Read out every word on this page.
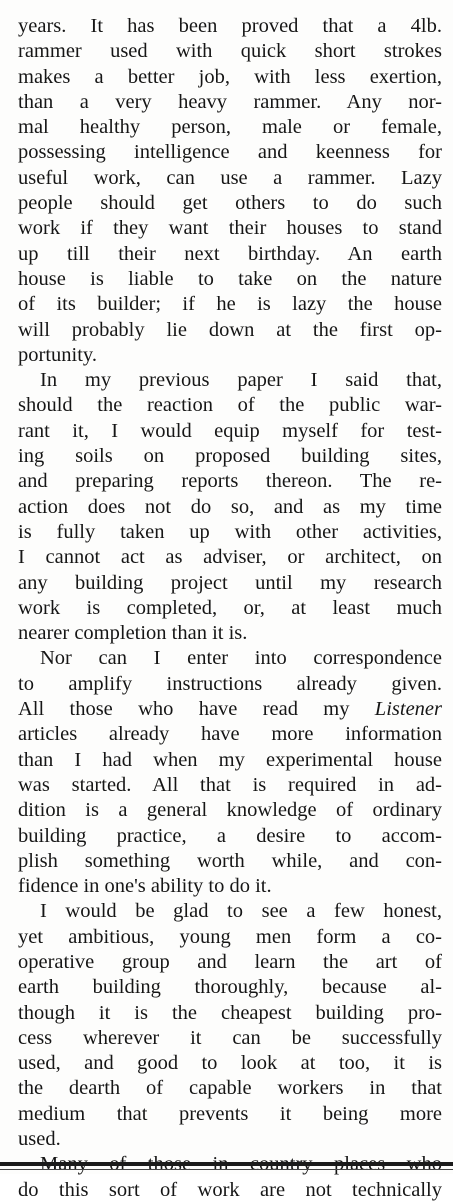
years. It has been proved that a 4lb.
rammer used with quick short strokes
makes a better job, with less exertion,
than a very heavy rammer. Any nor-
mal healthy person, male or female,
possessing intelligence and keenness for
useful work, can use a rammer. Lazy
people should get others to do such
work if they want their houses to stand
up till their next birthday. An earth
house is liable to take on the nature
of its builder; if he is lazy the house
will probably lie down at the first op-
portunity.
In my previous paper I said that,
should the reaction of the public war-
rant it, I would equip myself for test-
ing soils on proposed building sites,
and preparing reports thereon. The re-
action does not do so, and as my time
is fully taken up with other activities,
I cannot act as adviser, or architect, on
any building project until my research
work is completed, or, at least much
nearer completion than it is.
Nor can I enter into correspondence
to amplify instructions already given.
All those who have read my Listener
articles already have more information
than I had when my experimental house
was started. All that is required in ad-
dition is a general knowledge of ordinary
building practice, a desire to accom-
plish something worth while, and con-
fidence in one's ability to do it.
I would be glad to see a few honest,
yet ambitious, young men form a co-
operative group and learn the art of
earth building thoroughly, because al-
though it is the cheapest building pro-
cess wherever it can be successfully
used, and good to look at too, it is
the dearth of capable workers in that
medium that prevents it being more
used.
do this sort of work are not technically
